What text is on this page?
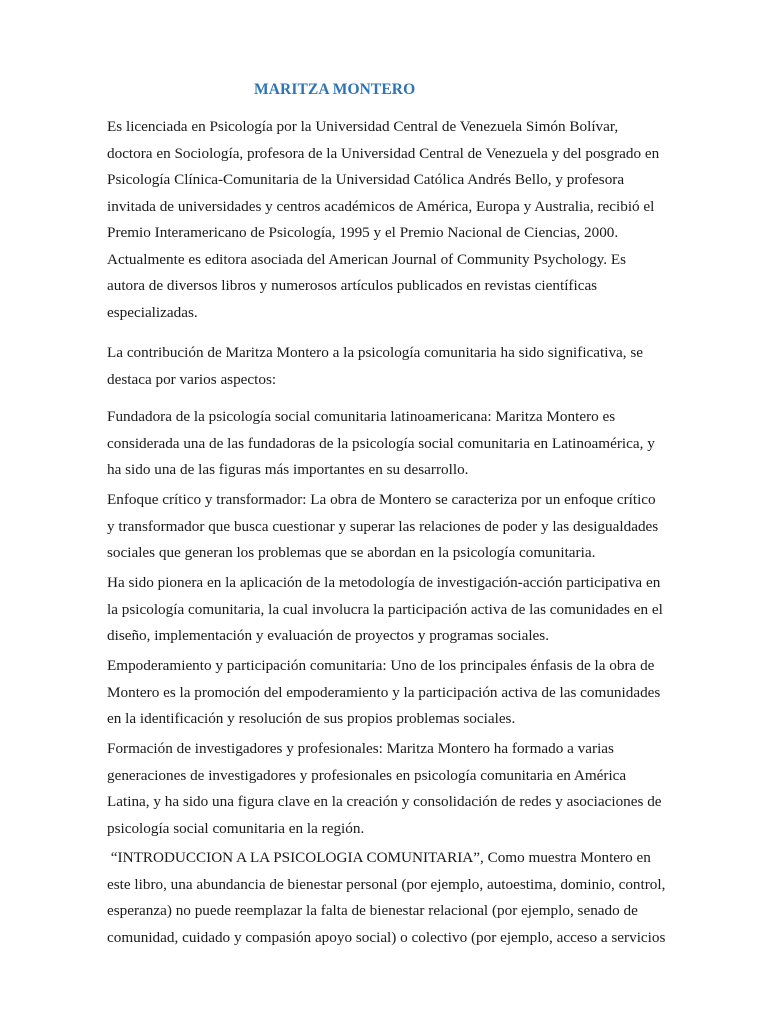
MARITZA MONTERO

Es licenciada en Psicología por la Universidad Central de Venezuela Simón Bolívar,
doctora en Sociología, profesora de la Universidad Central de Venezuela y del posgrado en
Psicología Clínica-Comunitaria de la Universidad Católica Andrés Bello, y profesora
invitada de universidades y centros académicos de América, Europa y Australia, recibió el
Premio Interamericano de Psicología, 1995 y el Premio Nacional de Ciencias, 2000.
Actualmente es editora asociada del American Journal of Community Psychology. Es
autora de diversos libros y numerosos artículos publicados en revistas científicas
especializadas.

La contribución de Maritza Montero a la psicología comunitaria ha sido significativa, se
destaca por varios aspectos:

Fundadora de la psicología social comunitaria latinoamericana: Maritza Montero es
considerada una de las fundadoras de la psicología social comunitaria en Latinoamérica, y
ha sido una de las figuras más importantes en su desarrollo.

Enfoque crítico y transformador: La obra de Montero se caracteriza por un enfoque crítico
y transformador que busca cuestionar y superar las relaciones de poder y las desigualdades
sociales que generan los problemas que se abordan en la psicología comunitaria.

Ha sido pionera en la aplicación de la metodología de investigación-acción participativa en
la psicología comunitaria, la cual involucra la participación activa de las comunidades en el
diseño, implementación y evaluación de proyectos y programas sociales.

Empoderamiento y participación comunitaria: Uno de los principales énfasis de la obra de
Montero es la promoción del empoderamiento y la participación activa de las comunidades
en la identificación y resolución de sus propios problemas sociales.

Formación de investigadores y profesionales: Maritza Montero ha formado a varias
generaciones de investigadores y profesionales en psicología comunitaria en América
Latina, y ha sido una figura clave en la creación y consolidación de redes y asociaciones de
psicología social comunitaria en la región.

“INTRODUCCION A LA PSICOLOGIA COMUNITARIA”, Como muestra Montero en
este libro, una abundancia de bienestar personal (por ejemplo, autoestima, dominio, control,
esperanza) no puede reemplazar la falta de bienestar relacional (por ejemplo, senado de
comunidad, cuidado y compasión apoyo social) o colectivo (por ejemplo, acceso a servicios
